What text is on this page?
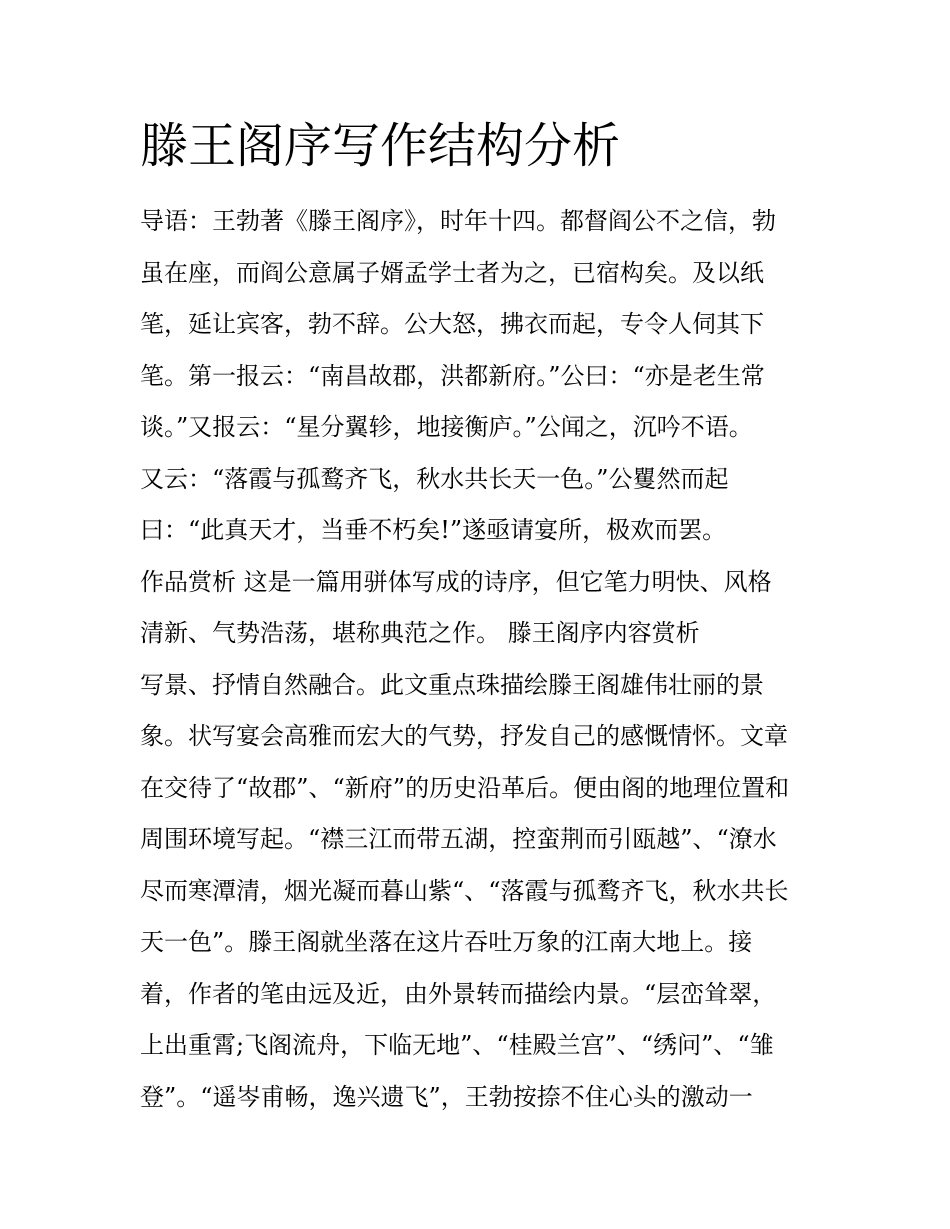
滕王阁序写作结构分析
导语：王勃著《滕王阁序》，时年十四。都督阎公不之信，勃
虽在座，而阎公意属子婿孟学士者为之，已宿构矣。及以纸
笔，延让宾客，勃不辞。公大怒，拂衣而起，专令人伺其下
笔。第一报云：“南昌故郡，洪都新府。”公曰：“亦是老生常
谈。”又报云：“星分翼轸，地接衡庐。”公闻之，沉吟不语。
又云：“落霞与孤鹜齐飞，秋水共长天一色。”公矍然而起
曰：“此真天才，当垂不朽矣!”遂亟请宴所，极欢而罢。
作品赏析 这是一篇用骈体写成的诗序，但它笔力明快、风格
清新、气势浩荡，堪称典范之作。 滕王阁序内容赏析
写景、抒情自然融合。此文重点珠描绘滕王阁雄伟壮丽的景
象。状写宴会高雅而宏大的气势，抒发自己的感慨情怀。文章
在交待了“故郡”、“新府”的历史沿革后。便由阁的地理位置和
周围环境写起。“襟三江而带五湖，控蛮荆而引瓯越”、“潦水
尽而寒潭清，烟光凝而暮山紫“、“落霞与孤鹜齐飞，秋水共长
天一色”。滕王阁就坐落在这片吞吐万象的江南大地上。接
着，作者的笔由远及近，由外景转而描绘内景。“层峦耸翠，
上出重霄;飞阁流舟，下临无地”、“桂殿兰宫”、“绣问”、“雏
登”。“遥岑甫畅，逸兴遗飞”，王勃按捺不住心头的激动一
